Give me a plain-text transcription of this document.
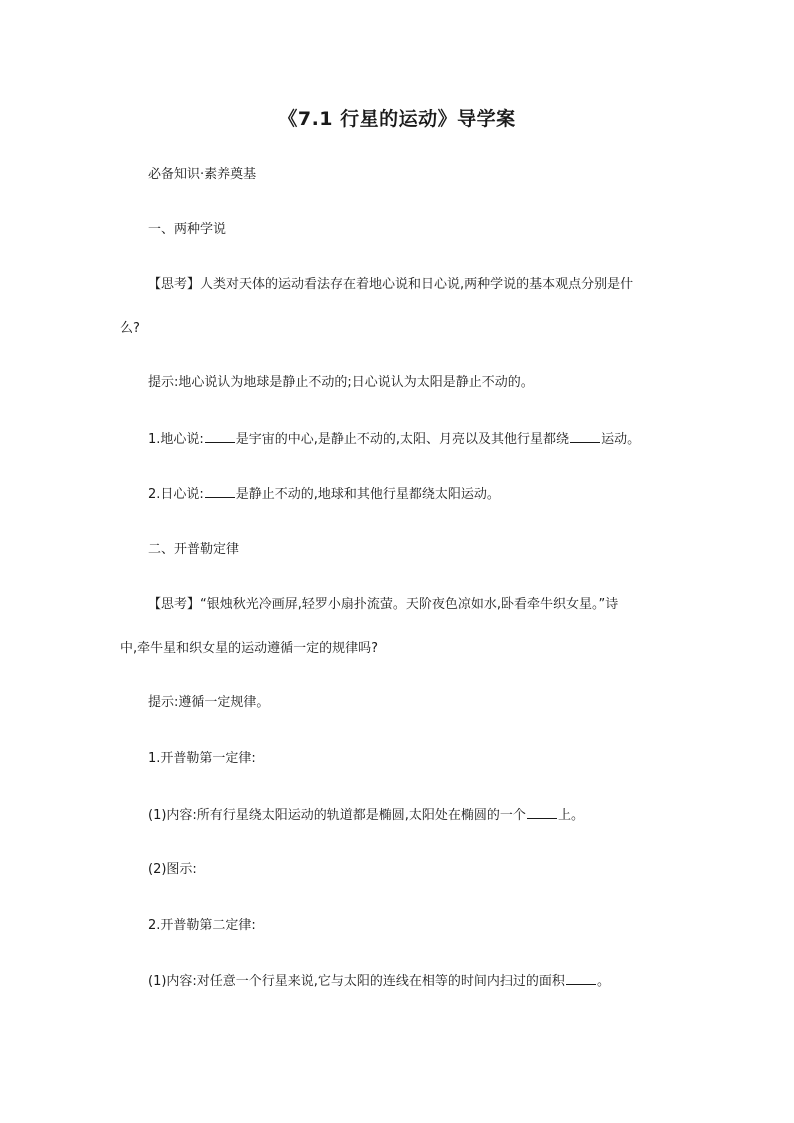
《7.1 行星的运动》导学案
必备知识·素养奠基
一、两种学说
【思考】人类对天体的运动看法存在着地心说和日心说,两种学说的基本观点分别是什
么?
提示:地心说认为地球是静止不动的;日心说认为太阳是静止不动的。
1.地心说: 是宇宙的中心,是静止不动的,太阳、月亮以及其他行星都绕 运动。
2.日心说: 是静止不动的,地球和其他行星都绕太阳运动。
二、开普勒定律
【思考】“银烛秋光冷画屏,轻罗小扇扑流萤。天阶夜色凉如水,卧看牵牛织女星。”诗
中,牵牛星和织女星的运动遵循一定的规律吗?
提示:遵循一定规律。
1.开普勒第一定律:
(1)内容:所有行星绕太阳运动的轨道都是椭圆,太阳处在椭圆的一个 上。
(2)图示:
2.开普勒第二定律:
(1)内容:对任意一个行星来说,它与太阳的连线在相等的时间内扫过的面积 。
